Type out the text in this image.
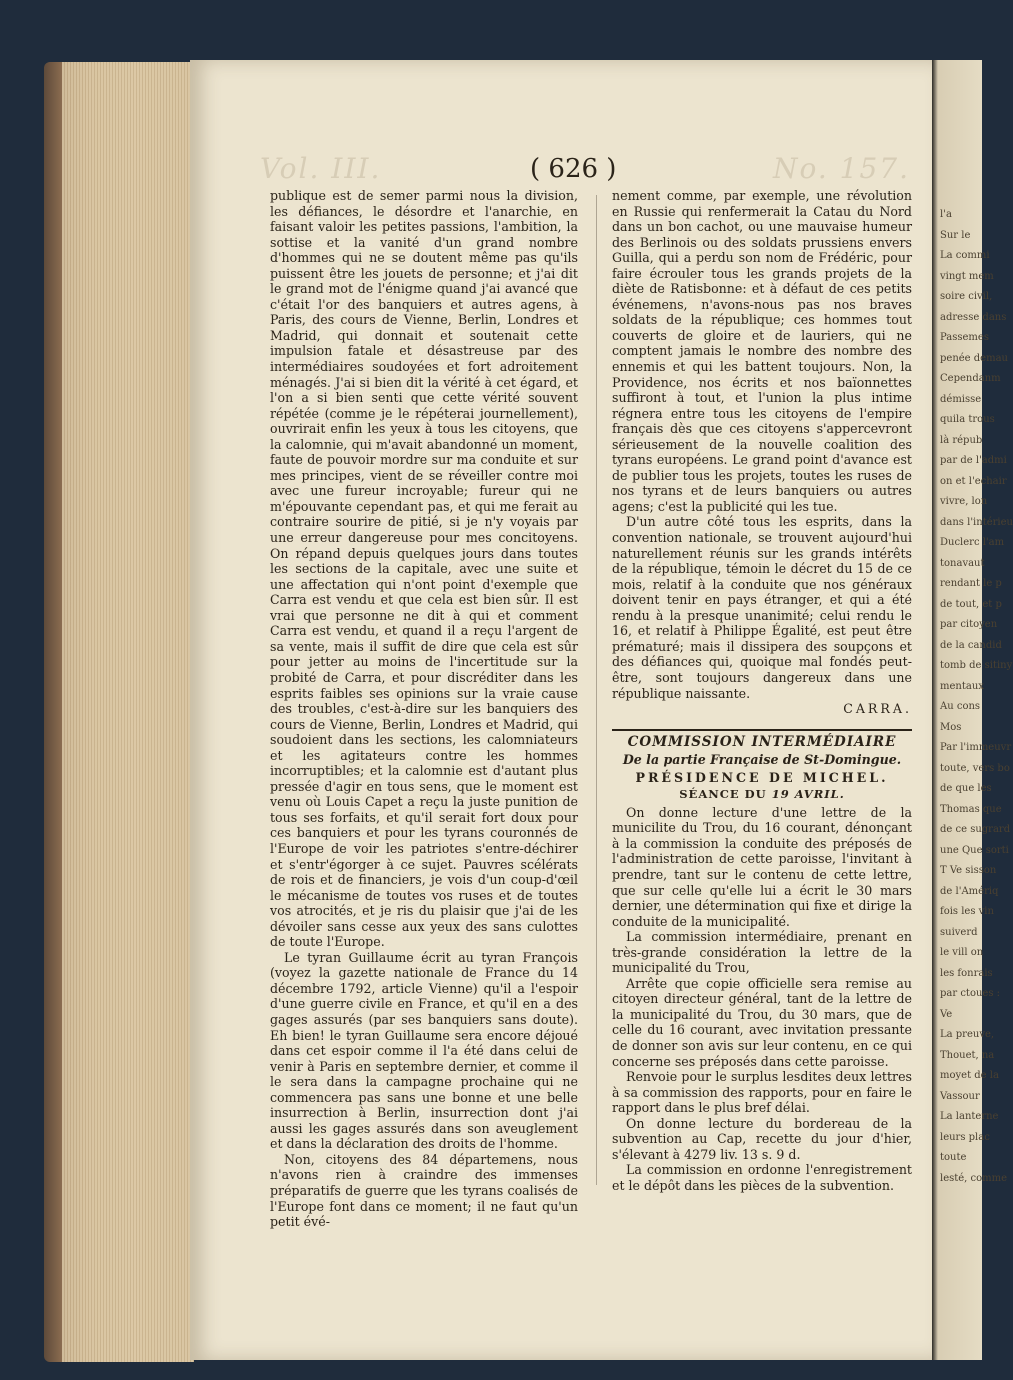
l'a
Sur le
La commi
vingt mem
soire civil,
adresse dans
Passemes
penée demau
Cependanm
démisse
quila trous
là répub
par de l'admi
on et l'echair
vivre, lon
dans l'intérieu
Duclerc l'am
tonavaut
rendant le p
de tout, et p
par citoyen
de la candid
tomb de sitiny
mentaux
Au cons
Mos
Par l'immeuvr
toute, vers bo
de que les
Thomas que
de ce sugrard
une Que sorti
T Ve sisson
de l'Amériq
fois les vin
suiverd
le vill on
les fonrais
par ctoues :
Ve
La preuve,
Thouet, na
moyet de la
Vassour
La lanterne
leurs plac
toute
lesté, comme
Vol. III.	( 626 )	No. 157.

publique est de semer parmi nous la division, les défiances, le désordre et l'anarchie, en faisant valoir les petites passions, l'ambition, la sottise et la vanité d'un grand nombre d'hommes qui ne se doutent même pas qu'ils puissent être les jouets de personne; et j'ai dit le grand mot de l'énigme quand j'ai avancé que c'était l'or des banquiers et autres agens, à Paris, des cours de Vienne, Berlin, Londres et Madrid, qui donnait et soutenait cette impulsion fatale et désastreuse par des intermédiaires soudoyées et fort adroitement ménagés. J'ai si bien dit la vérité à cet égard, et l'on a si bien senti que cette vérité souvent répétée (comme je le répéterai journellement), ouvrirait enfin les yeux à tous les citoyens, que la calomnie, qui m'avait abandonné un moment, faute de pouvoir mordre sur ma conduite et sur mes principes, vient de se réveiller contre moi avec une fureur incroyable; fureur qui ne m'épouvante cependant pas, et qui me ferait au contraire sourire de pitié, si je n'y voyais par une erreur dangereuse pour mes concitoyens. On répand depuis quelques jours dans toutes les sections de la capitale, avec une suite et une affectation qui n'ont point d'exemple que Carra est vendu et que cela est bien sûr. Il est vrai que personne ne dit à qui et comment Carra est vendu, et quand il a reçu l'argent de sa vente, mais il suffit de dire que cela est sûr pour jetter au moins de l'incertitude sur la probité de Carra, et pour discréditer dans les esprits faibles ses opinions sur la vraie cause des troubles, c'est-à-dire sur les banquiers des cours de Vienne, Berlin, Londres et Madrid, qui soudoient dans les sections, les calomniateurs et les agitateurs contre les hommes incorruptibles; et la calomnie est d'autant plus pressée d'agir en tous sens, que le moment est venu où Louis Capet a reçu la juste punition de tous ses forfaits, et qu'il serait fort doux pour ces banquiers et pour les tyrans couronnés de l'Europe de voir les patriotes s'entre-déchirer et s'entr'égorger à ce sujet. Pauvres scélérats de rois et de financiers, je vois d'un coup-d'œil le mécanisme de toutes vos ruses et de toutes vos atrocités, et je ris du plaisir que j'ai de les dévoiler sans cesse aux yeux des sans culottes de toute l'Europe.

Le tyran Guillaume écrit au tyran François (voyez la gazette nationale de France du 14 décembre 1792, article Vienne) qu'il a l'espoir d'une guerre civile en France, et qu'il en a des gages assurés (par ses banquiers sans doute). Eh bien! le tyran Guillaume sera encore déjoué dans cet espoir comme il l'a été dans celui de venir à Paris en septembre dernier, et comme il le sera dans la campagne prochaine qui ne commencera pas sans une bonne et une belle insurrection à Berlin, insurrection dont j'ai aussi les gages assurés dans son aveuglement et dans la déclaration des droits de l'homme.

Non, citoyens des 84 départemens, nous n'avons rien à craindre des immenses préparatifs de guerre que les tyrans coalisés de l'Europe font dans ce moment; il ne faut qu'un petit évé-

nement comme, par exemple, une révolution en Russie qui renfermerait la Catau du Nord dans un bon cachot, ou une mauvaise humeur des Berlinois ou des soldats prussiens envers Guilla, qui a perdu son nom de Frédéric, pour faire écrouler tous les grands projets de la diète de Ratisbonne: et à défaut de ces petits événemens, n'avons-nous pas nos braves soldats de la république; ces hommes tout couverts de gloire et de lauriers, qui ne comptent jamais le nombre des nombre des ennemis et qui les battent toujours. Non, la Providence, nos écrits et nos baïonnettes suffiront à tout, et l'union la plus intime régnera entre tous les citoyens de l'empire français dès que ces citoyens s'appercevront sérieusement de la nouvelle coalition des tyrans européens. Le grand point d'avance est de publier tous les projets, toutes les ruses de nos tyrans et de leurs banquiers ou autres agens; c'est la publicité qui les tue.

D'un autre côté tous les esprits, dans la convention nationale, se trouvent aujourd'hui naturellement réunis sur les grands intérêts de la république, témoin le décret du 15 de ce mois, relatif à la conduite que nos généraux doivent tenir en pays étranger, et qui a été rendu à la presque unanimité; celui rendu le 16, et relatif à Philippe Égalité, est peut être prématuré; mais il dissipera des soupçons et des défiances qui, quoique mal fondés peut-être, sont toujours dangereux dans une république naissante.

CARRA.

COMMISSION INTERMÉDIAIRE
De la partie Française de St-Domingue.
PRÉSIDENCE DE MICHEL.
SÉANCE DU 19 AVRIL.

On donne lecture d'une lettre de la municilite du Trou, du 16 courant, dénonçant à la commission la conduite des préposés de l'administration de cette paroisse, l'invitant à prendre, tant sur le contenu de cette lettre, que sur celle qu'elle lui a écrit le 30 mars dernier, une détermination qui fixe et dirige la conduite de la municipalité.

La commission intermédiaire, prenant en très-grande considération la lettre de la municipalité du Trou,

Arrête que copie officielle sera remise au citoyen directeur général, tant de la lettre de la municipalité du Trou, du 30 mars, que de celle du 16 courant, avec invitation pressante de donner son avis sur leur contenu, en ce qui concerne ses préposés dans cette paroisse.

Renvoie pour le surplus lesdites deux lettres à sa commission des rapports, pour en faire le rapport dans le plus bref délai.

On donne lecture du bordereau de la subvention au Cap, recette du jour d'hier, s'élevant à 4279 liv. 13 s. 9 d.

La commission en ordonne l'enregistrement et le dépôt dans les pièces de la subvention.
